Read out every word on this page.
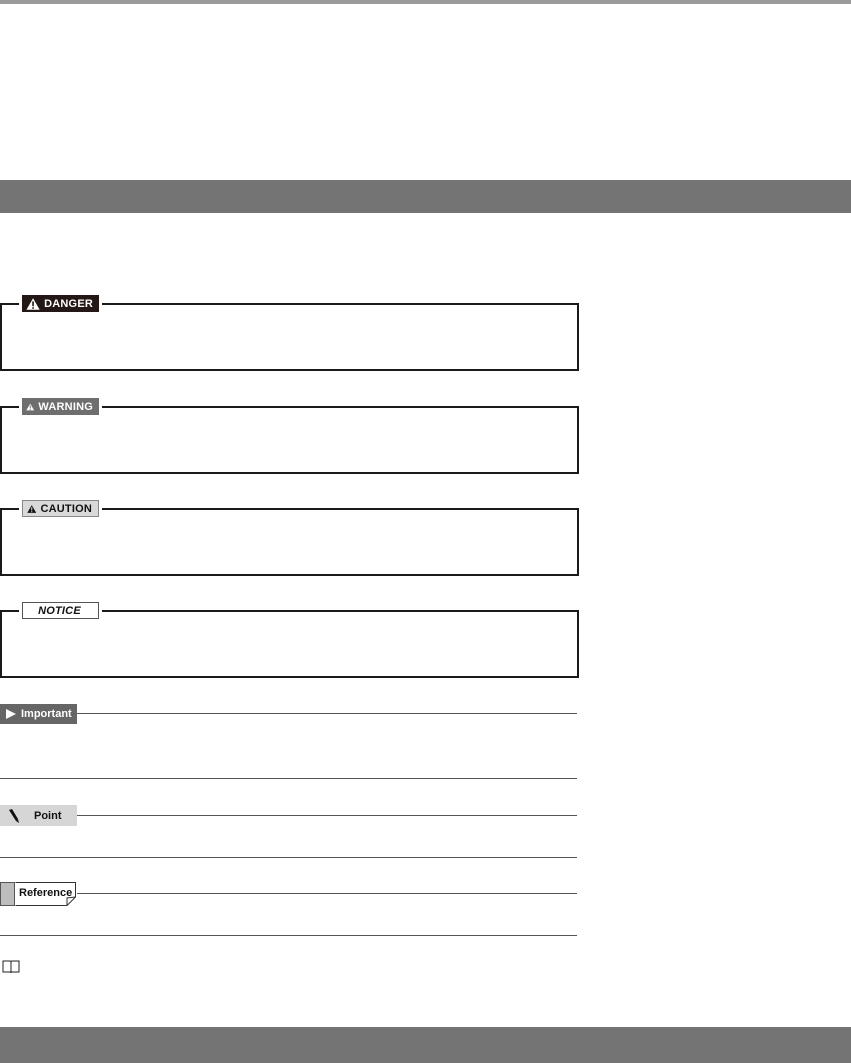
DANGER
WARNING
CAUTION
NOTICE
Important
Point
Reference
